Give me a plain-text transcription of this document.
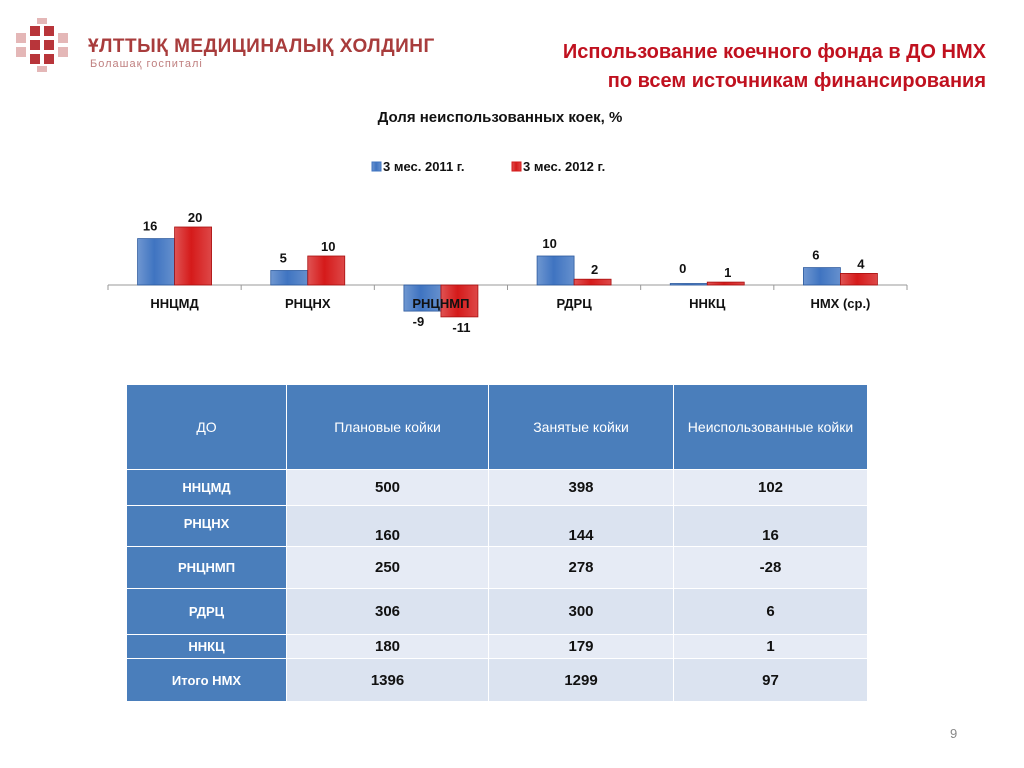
ҰЛТТЫҚ МЕДИЦИНАЛЫҚ ХОЛДИНГ
Болашақ госпиталі
Использование коечного фонда в ДО НМХ
по всем источникам финансирования
Доля неиспользованных коек, %
3 мес. 2011 г.	3 мес. 2012 г.
16
20
ННЦМД
5
10
РНЦНХ
-9 -11
РНЦНМП
10
2
РДРЦ
0	1
ННКЦ
6
4
НМХ (ср.)
ДО	Плановые койки	Занятые койки	Неиспользованные койки
ННЦМД	500	398	102
РНЦНХ	160	144	16
РНЦНМП	250	278	-28
РДРЦ	306	300	6
ННКЦ	180	179	1
Итого НМХ	1396	1299	97
9
